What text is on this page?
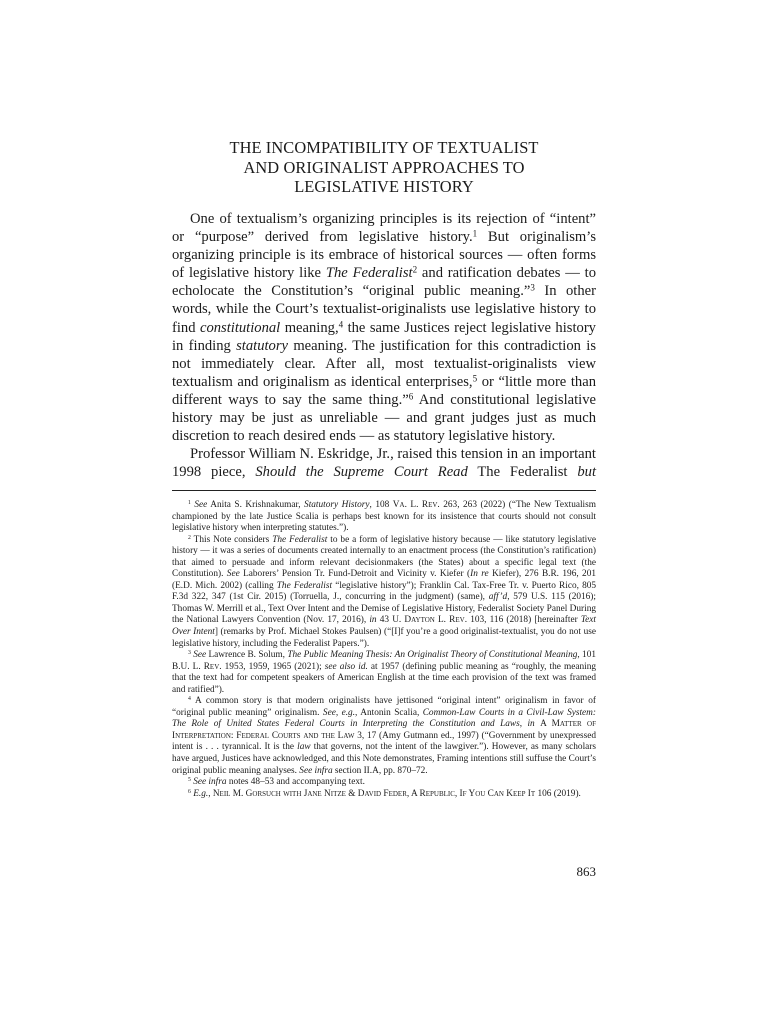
THE INCOMPATIBILITY OF TEXTUALIST
AND ORIGINALIST APPROACHES TO
LEGISLATIVE HISTORY

One of textualism’s organizing principles is its rejection of “intent” or “purpose” derived from legislative history.$^1$ But originalism’s organizing principle is its embrace of historical sources — often forms of legislative history like The Federalist$^2$ and ratification debates — to echolocate the Constitution’s “original public meaning.”$^3$ In other words, while the Court’s textualist-originalists use legislative history to find constitutional meaning,$^4$ the same Justices reject legislative history in finding statutory meaning. The justification for this contradiction is not immediately clear. After all, most textualist-originalists view textualism and originalism as identical enterprises,$^5$ or “little more than different ways to say the same thing.”$^6$ And constitutional legislative history may be just as unreliable — and grant judges just as much discretion to reach desired ends — as statutory legislative history.

Professor William N. Eskridge, Jr., raised this tension in an important 1998 piece, Should the Supreme Court Read The Federalist but

$^1$ See Anita S. Krishnakumar, Statutory History, 108 Va. L. Rev. 263, 263 (2022) (“The New Textualism championed by the late Justice Scalia is perhaps best known for its insistence that courts should not consult legislative history when interpreting statutes.”).

$^2$ This Note considers The Federalist to be a form of legislative history because — like statutory legislative history — it was a series of documents created internally to an enactment process (the Constitution’s ratification) that aimed to persuade and inform relevant decisionmakers (the States) about a specific legal text (the Constitution). See Laborers’ Pension Tr. Fund-Detroit and Vicinity v. Kiefer (In re Kiefer), 276 B.R. 196, 201 (E.D. Mich. 2002) (calling The Federalist “legislative history”); Franklin Cal. Tax-Free Tr. v. Puerto Rico, 805 F.3d 322, 347 (1st Cir. 2015) (Torruella, J., concurring in the judgment) (same), aff’d, 579 U.S. 115 (2016); Thomas W. Merrill et al., Text Over Intent and the Demise of Legislative History, Federalist Society Panel During the National Lawyers Convention (Nov. 17, 2016), in 43 U. Dayton L. Rev. 103, 116 (2018) [hereinafter Text Over Intent] (remarks by Prof. Michael Stokes Paulsen) (“[I]f you’re a good originalist-textualist, you do not use legislative history, including the Federalist Papers.”).

$^3$ See Lawrence B. Solum, The Public Meaning Thesis: An Originalist Theory of Constitutional Meaning, 101 B.U. L. Rev. 1953, 1959, 1965 (2021); see also id. at 1957 (defining public meaning as “roughly, the meaning that the text had for competent speakers of American English at the time each provision of the text was framed and ratified”).

$^4$ A common story is that modern originalists have jettisoned “original intent” originalism in favor of “original public meaning” originalism. See, e.g., Antonin Scalia, Common-Law Courts in a Civil-Law System: The Role of United States Federal Courts in Interpreting the Constitution and Laws, in A Matter of Interpretation: Federal Courts and the Law 3, 17 (Amy Gutmann ed., 1997) (“Government by unexpressed intent is . . . tyrannical. It is the law that governs, not the intent of the lawgiver.”). However, as many scholars have argued, Justices have acknowledged, and this Note demonstrates, Framing intentions still suffuse the Court’s original public meaning analyses. See infra section II.A, pp. 870–72.

$^5$ See infra notes 48–53 and accompanying text.

$^6$ E.g., Neil M. Gorsuch with Jane Nitze & David Feder, A Republic, If You Can Keep It 106 (2019).

863
